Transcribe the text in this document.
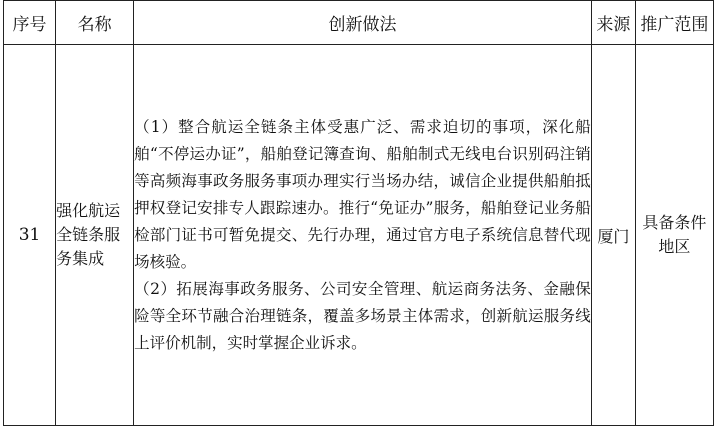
序号	名称	创新做法	来源	推广范围
31	强化航运全链条服务集成	（1）整合航运全链条主体受惠广泛、需求迫切的事项，深化船舶“不停运办证”，船舶登记簿查询、船舶制式无线电台识别码注销等高频海事政务服务事项办理实行当场办结，诚信企业提供船舶抵押权登记安排专人跟踪速办。推行“免证办”服务，船舶登记业务船检部门证书可暂免提交、先行办理，通过官方电子系统信息替代现场核验。

（2）拓展海事政务服务、公司安全管理、航运商务法务、金融保险等全环节融合治理链条，覆盖多场景主体需求，创新航运服务线上评价机制，实时掌握企业诉求。	厦门	具备条件地区
